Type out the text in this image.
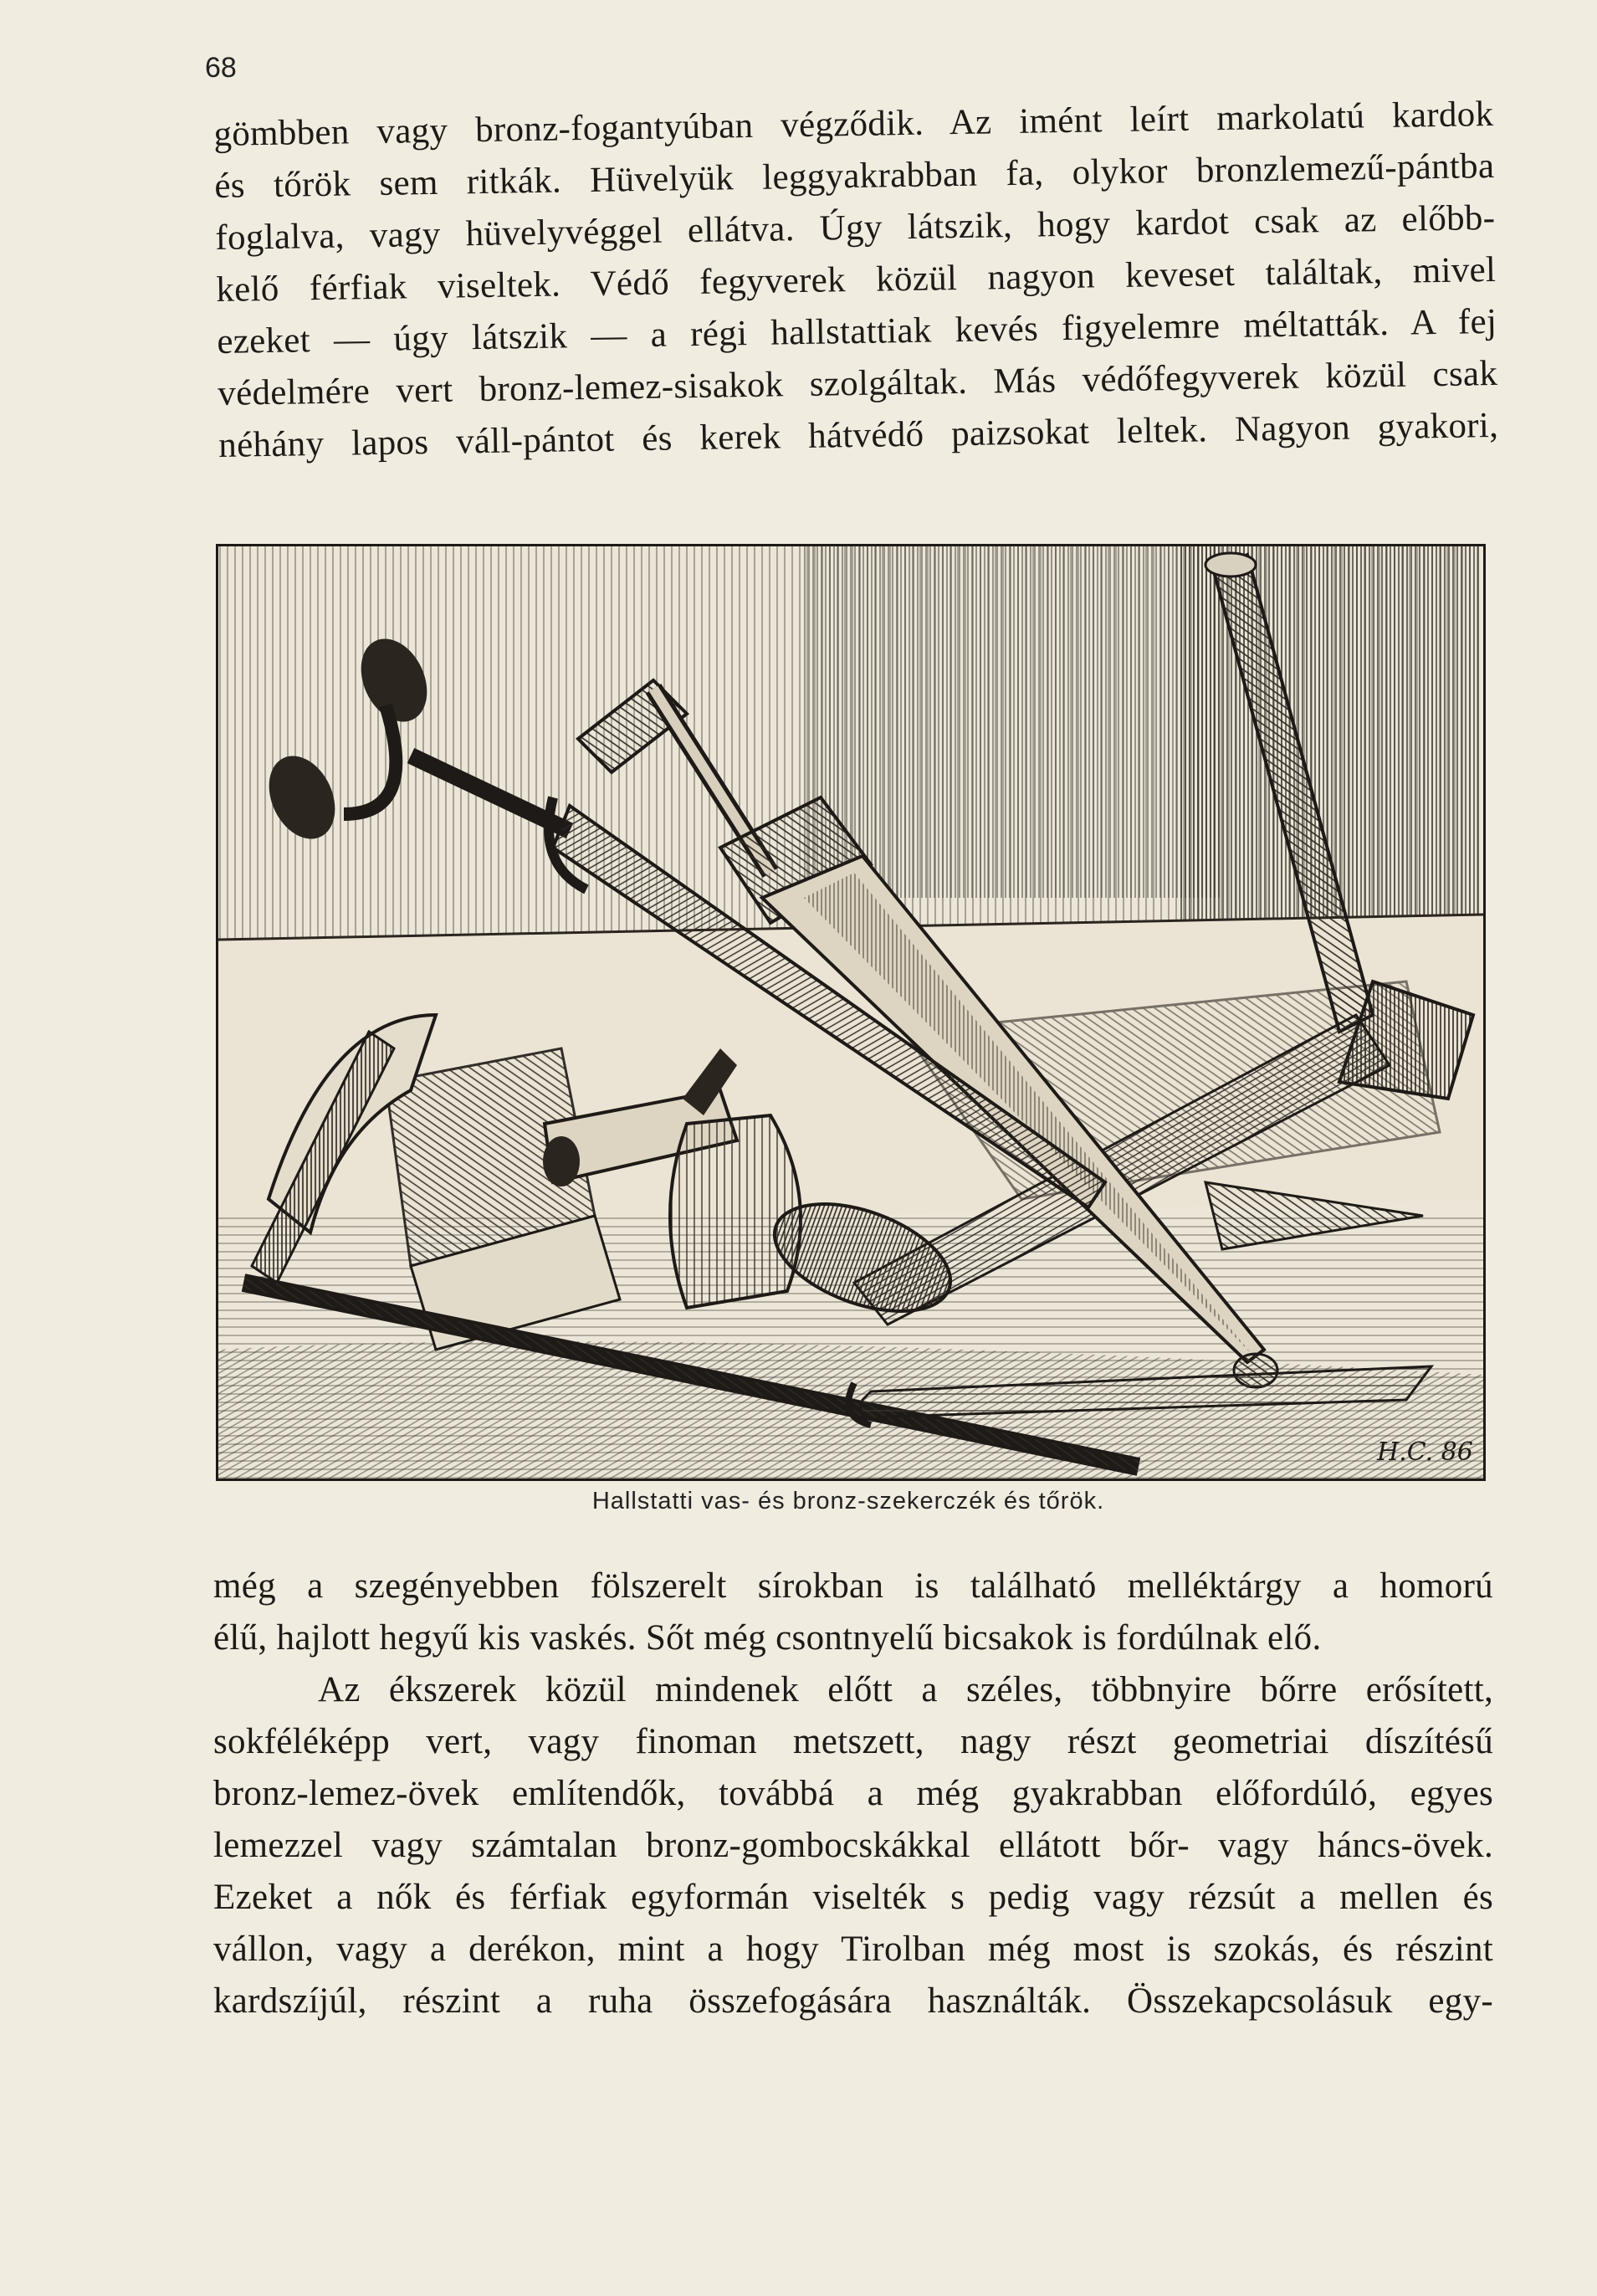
68
gömbben vagy bronz-fogantyúban végződik. Az imént leírt markolatú kardok
és tőrök sem ritkák. Hüvelyük leggyakrabban fa, olykor bronzlemezű-pántba
foglalva, vagy hüvelyvéggel ellátva. Úgy látszik, hogy kardot csak az előbb-
kelő férfiak viseltek. Védő fegyverek közül nagyon keveset találtak, mivel
ezeket — úgy látszik — a régi hallstattiak kevés figyelemre méltatták. A fej
védelmére vert bronz-lemez-sisakok szolgáltak. Más védőfegyverek közül csak
néhány lapos váll-pántot és kerek hátvédő paizsokat leltek. Nagyon gyakori,
H.C. 86
Hallstatti vas- és bronz-szekerczék és tőrök.
még a szegényebben fölszerelt sírokban is található melléktárgy a homorú
élű, hajlott hegyű kis vaskés. Sőt még csontnyelű bicsakok is fordúlnak elő.
Az ékszerek közül mindenek előtt a széles, többnyire bőrre erősített,
sokféléképp vert, vagy finoman metszett, nagy részt geometriai díszítésű
bronz-lemez-övek említendők, továbbá a még gyakrabban előfordúló, egyes
lemezzel vagy számtalan bronz-gombocskákkal ellátott bőr- vagy háncs-övek.
Ezeket a nők és férfiak egyformán viselték s pedig vagy rézsút a mellen és
vállon, vagy a derékon, mint a hogy Tirolban még most is szokás, és részint
kardszíjúl, részint a ruha összefogására használták. Összekapcsolásuk egy-
